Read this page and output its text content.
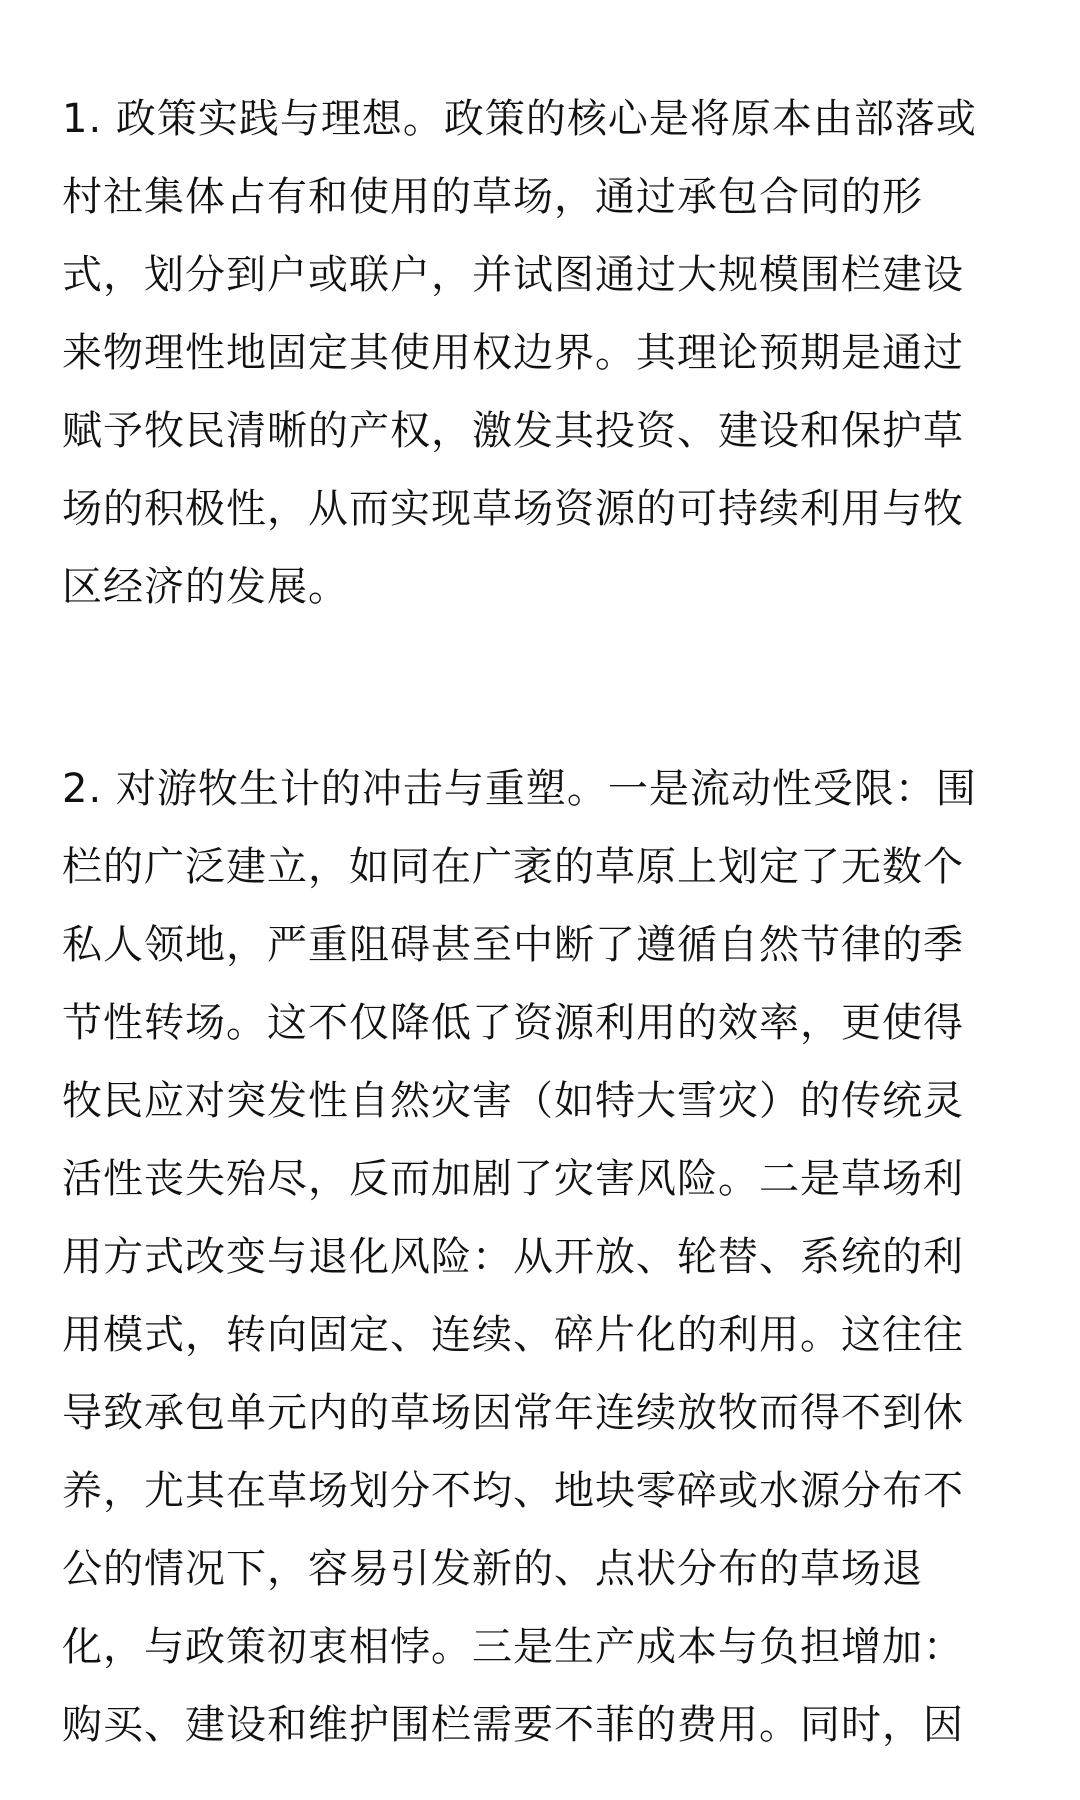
1. 政策实践与理想。政策的核心是将原本由部落或
村社集体占有和使用的草场，通过承包合同的形
式，划分到户或联户，并试图通过大规模围栏建设
来物理性地固定其使用权边界。其理论预期是通过
赋予牧民清晰的产权，激发其投资、建设和保护草
场的积极性，从而实现草场资源的可持续利用与牧
区经济的发展。

2. 对游牧生计的冲击与重塑。一是流动性受限：围
栏的广泛建立，如同在广袤的草原上划定了无数个
私人领地，严重阻碍甚至中断了遵循自然节律的季
节性转场。这不仅降低了资源利用的效率，更使得
牧民应对突发性自然灾害（如特大雪灾）的传统灵
活性丧失殆尽，反而加剧了灾害风险。二是草场利
用方式改变与退化风险：从开放、轮替、系统的利
用模式，转向固定、连续、碎片化的利用。这往往
导致承包单元内的草场因常年连续放牧而得不到休
养，尤其在草场划分不均、地块零碎或水源分布不
公的情况下，容易引发新的、点状分布的草场退
化，与政策初衷相悖。三是生产成本与负担增加：
购买、建设和维护围栏需要不菲的费用。同时，因
